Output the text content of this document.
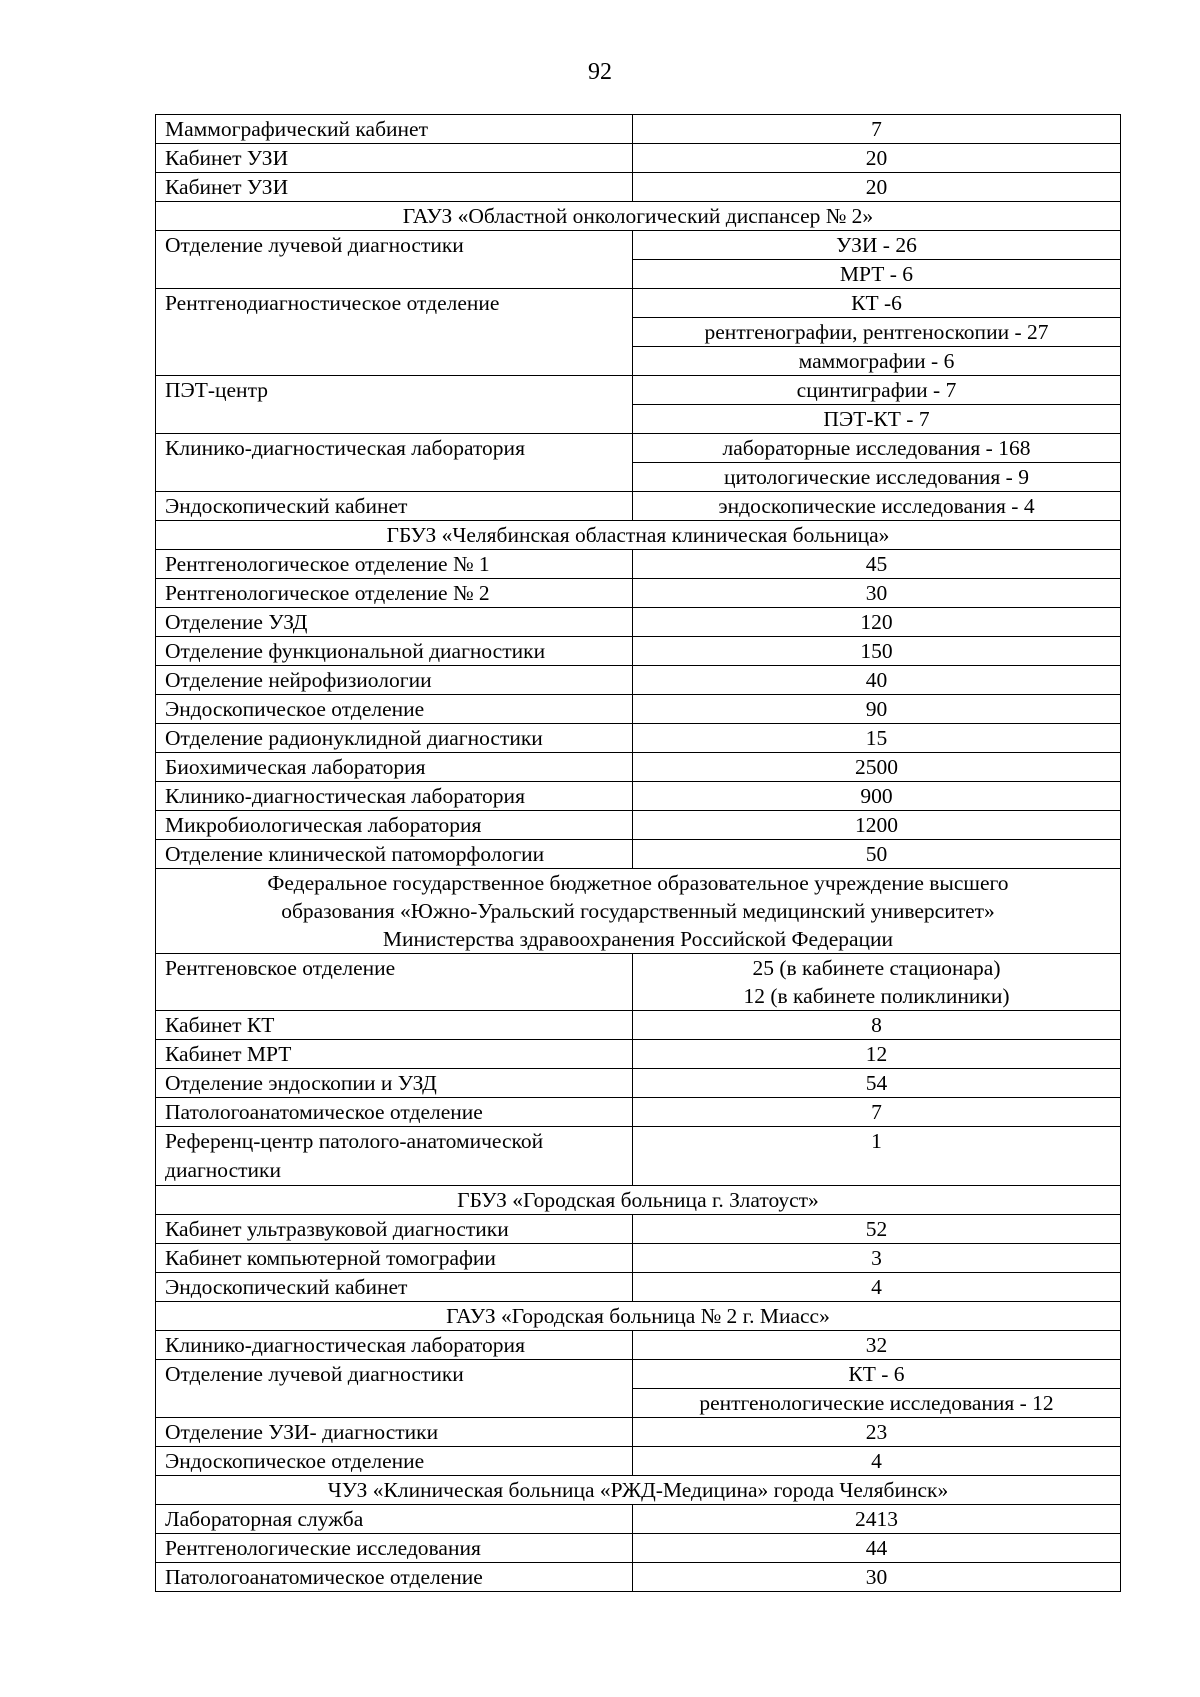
92
Маммографический кабинет	7
Кабинет УЗИ	20
Кабинет УЗИ	20
ГАУЗ «Областной онкологический диспансер № 2»	
Отделение лучевой диагностики	УЗИ - 26
	МРТ - 6
Рентгенодиагностическое отделение	КТ -6
	рентгенографии, рентгеноскопии - 27
	маммографии - 6
ПЭТ-центр	сцинтиграфии - 7
	ПЭТ-КТ - 7
Клинико-диагностическая лаборатория	лабораторные исследования - 168
	цитологические исследования - 9
Эндоскопический кабинет	эндоскопические исследования - 4
ГБУЗ «Челябинская областная клиническая больница»	
Рентгенологическое отделение № 1	45
Рентгенологическое отделение № 2	30
Отделение УЗД	120
Отделение функциональной диагностики	150
Отделение нейрофизиологии	40
Эндоскопическое отделение	90
Отделение радионуклидной диагностики	15
Биохимическая лаборатория	2500
Клинико-диагностическая лаборатория	900
Микробиологическая лаборатория	1200
Отделение клинической патоморфологии	50

Федеральное государственное бюджетное образовательное учреждение высшего
образования «Южно-Уральский государственный медицинский университет»
Министерства здравоохранения Российской Федерации	

Рентгеновское отделение	25 (в кабинете стационара)
12 (в кабинете поликлиники)

Кабинет КТ	8
Кабинет МРТ	12
Отделение эндоскопии и УЗД	54
Патологоанатомическое отделение	7
Референц-центр патолого-анатомической диагностики	1
ГБУЗ «Городская больница г. Златоуст»	
Кабинет ультразвуковой диагностики	52
Кабинет компьютерной томографии	3
Эндоскопический кабинет	4
ГАУЗ «Городская больница № 2 г. Миасс»	
Клинико-диагностическая лаборатория	32
Отделение лучевой диагностики	КТ - 6
	рентгенологические исследования - 12
Отделение УЗИ- диагностики	23
Эндоскопическое отделение	4
ЧУЗ «Клиническая больница «РЖД-Медицина» города Челябинск»	
Лабораторная служба	2413
Рентгенологические исследования	44
Патологоанатомическое отделение	30
